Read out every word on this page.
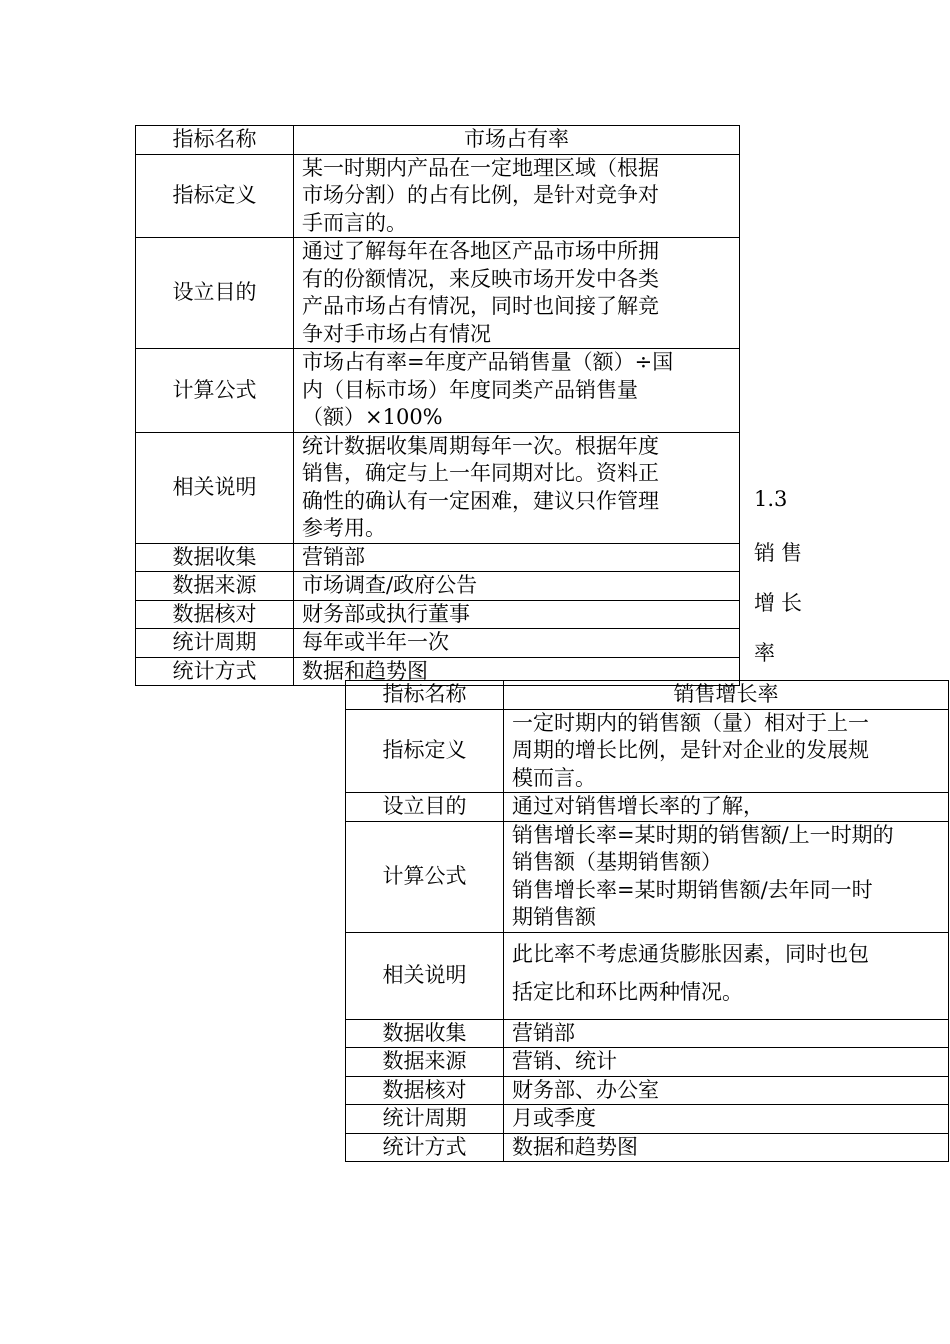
指标名称	市场占有率
指标定义	某一时期内产品在一定地理区域（根据
市场分割）的占有比例，是针对竞争对
手而言的。

设立目的	通过了解每年在各地区产品市场中所拥
有的份额情况，来反映市场开发中各类
产品市场占有情况，同时也间接了解竞
争对手市场占有情况

计算公式	市场占有率=年度产品销售量（额）÷国
内（目标市场）年度同类产品销售量
（额）×100%

相关说明	统计数据收集周期每年一次。根据年度
销售，确定与上一年同期对比。资料正
确性的确认有一定困难，建议只作管理
参考用。

数据收集	营销部
数据来源	市场调查/政府公告
数据核对	财务部或执行董事
统计周期	每年或半年一次
统计方式	数据和趋势图
1.3
销售
增长
率
指标名称	销售增长率
指标定义	一定时期内的销售额（量）相对于上一
周期的增长比例，是针对企业的发展规
模而言。

设立目的	通过对销售增长率的了解，
计算公式	销售增长率=某时期的销售额/上一时期的
销售额（基期销售额）
销售增长率=某时期销售额/去年同一时
期销售额

相关说明	此比率不考虑通货膨胀因素，同时也包
括定比和环比两种情况。

数据收集	营销部
数据来源	营销、统计
数据核对	财务部、办公室
统计周期	月或季度
统计方式	数据和趋势图
